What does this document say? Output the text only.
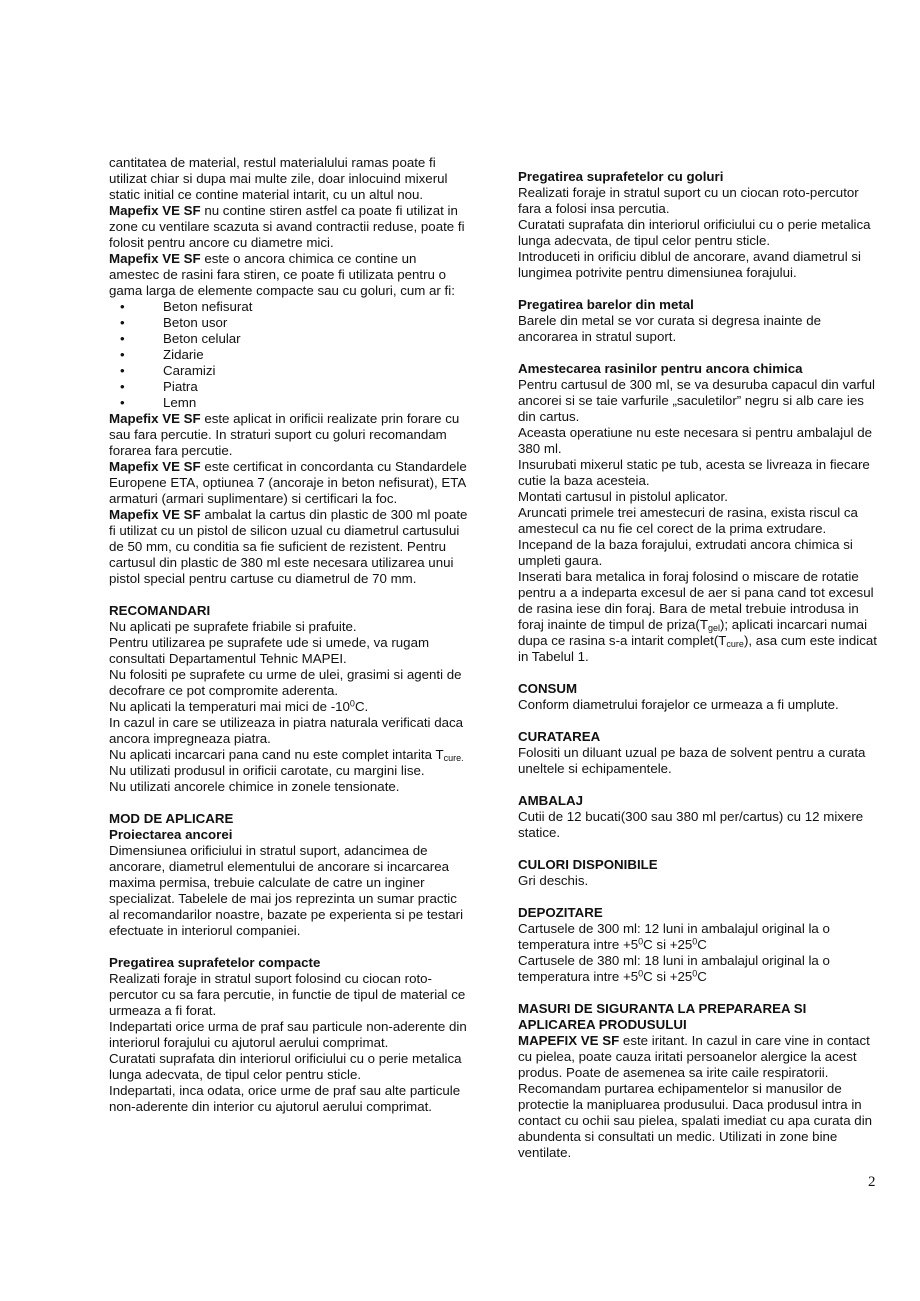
cantitatea de material, restul materialului ramas poate fi utilizat chiar si dupa mai multe zile, doar inlocuind mixerul static initial ce contine material intarit, cu un altul nou.
Mapefix VE SF nu contine stiren astfel ca poate fi utilizat in zone cu ventilare scazuta si avand contractii reduse, poate fi folosit pentru ancore cu diametre mici.
Mapefix VE SF este o ancora chimica ce contine un amestec de rasini fara stiren, ce poate fi utilizata pentru o gama larga de elemente compacte sau cu goluri, cum ar fi:
•	Beton nefisurat
•	Beton usor
•	Beton celular
•	Zidarie
•	Caramizi
•	Piatra
•	Lemn
Mapefix VE SF este aplicat in orificii realizate prin forare cu sau fara percutie. In straturi suport cu goluri recomandam forarea fara percutie.
Mapefix VE SF este certificat in concordanta cu Standardele Europene ETA, optiunea 7 (ancoraje in beton nefisurat), ETA armaturi (armari suplimentare) si certificari la foc.
Mapefix VE SF ambalat la cartus din plastic de 300 ml poate fi utilizat cu un pistol de silicon uzual cu diametrul cartusului de 50 mm, cu conditia sa fie suficient de rezistent. Pentru cartusul din plastic de 380 ml este necesara utilizarea unui pistol special pentru cartuse cu diametrul de 70 mm.
RECOMANDARI
Nu aplicati pe suprafete friabile si prafuite.
Pentru utilizarea pe suprafete ude si umede, va rugam consultati Departamentul Tehnic MAPEI.
Nu folositi pe suprafete cu urme de ulei, grasimi si agenti de decofrare ce pot compromite aderenta.
Nu aplicati la temperaturi mai mici de $-10^0C$.
In cazul in care se utilizeaza in piatra naturala verificati daca ancora impregneaza piatra.
Nu aplicati incarcari pana cand nu este complet intarita $T_{cure.}$
Nu utilizati produsul in orificii carotate, cu margini lise.
Nu utilizati ancorele chimice in zonele tensionate.
MOD DE APLICARE
Proiectarea ancorei
Dimensiunea orificiului in stratul suport, adancimea de ancorare, diametrul elementului de ancorare si incarcarea maxima permisa, trebuie calculate de catre un inginer specializat. Tabelele de mai jos reprezinta un sumar practic al recomandarilor noastre, bazate pe experienta si pe testari efectuate in interiorul companiei.
Pregatirea suprafetelor compacte
Realizati foraje in stratul suport folosind cu ciocan roto-percutor cu sa fara percutie, in functie de tipul de material ce urmeaza a fi forat.
Indepartati orice urma de praf sau particule non-aderente din interiorul forajului cu ajutorul aerului comprimat.
Curatati suprafata din interiorul orificiului cu o perie metalica lunga adecvata, de tipul celor pentru sticle.
Indepartati, inca odata, orice urme de praf sau alte particule non-aderente din interior cu ajutorul aerului comprimat.
Pregatirea suprafetelor cu goluri
Realizati foraje in stratul suport cu un ciocan roto-percutor fara a folosi insa percutia.
Curatati suprafata din interiorul orificiului cu o perie metalica lunga adecvata, de tipul celor pentru sticle.
Introduceti in orificiu diblul de ancorare, avand diametrul si lungimea potrivite pentru dimensiunea forajului.
Pregatirea barelor din metal
Barele din metal se vor curata si degresa inainte de ancorarea in stratul suport.
Amestecarea rasinilor pentru ancora chimica
Pentru cartusul de 300 ml, se va desuruba capacul din varful ancorei si se taie varfurile „saculetilor” negru si alb care ies din cartus.
Aceasta operatiune nu este necesara si pentru ambalajul de 380 ml.
Insurubati mixerul static pe tub, acesta se livreaza in fiecare cutie la baza acesteia.
Montati cartusul in pistolul aplicator.
Aruncati primele trei amestecuri de rasina, exista riscul ca amestecul ca nu fie cel corect de la prima extrudare.
Incepand de la baza forajului, extrudati ancora chimica si umpleti gaura.
Inserati bara metalica in foraj folosind o miscare de rotatie pentru a a indeparta excesul de aer si pana cand tot excesul de rasina iese din foraj. Bara de metal trebuie introdusa in foraj inainte de timpul de $priza(T_{gel})$; aplicati incarcari numai dupa ce rasina s-a intarit $complet(T_{cure})$, asa cum este indicat in Tabelul 1.
CONSUM
Conform diametrului forajelor ce urmeaza a fi umplute.
CURATAREA
Folositi un diluant uzual pe baza de solvent pentru a curata uneltele si echipamentele.
AMBALAJ
Cutii de 12 bucati(300 sau 380 ml per/cartus) cu 12 mixere statice.
CULORI DISPONIBILE
Gri deschis.
DEPOZITARE
Cartusele de 300 ml: 12 luni in ambalajul original la o temperatura intre $+5^0C$ si $+25^0C$
Cartusele de 380 ml: 18 luni in ambalajul original la o temperatura intre $+5^0C$ si $+25^0C$
MASURI DE SIGURANTA LA PREPARAREA SI APLICAREA PRODUSULUI
MAPEFIX VE SF este iritant. In cazul in care vine in contact cu pielea, poate cauza iritati persoanelor alergice la acest produs. Poate de asemenea sa irite caile respiratorii. Recomandam purtarea echipamentelor si manusilor de protectie la manipluarea produsului. Daca produsul intra in contact cu ochii sau pielea, spalati imediat cu apa curata din abundenta si consultati un medic. Utilizati in zone bine ventilate.
2
